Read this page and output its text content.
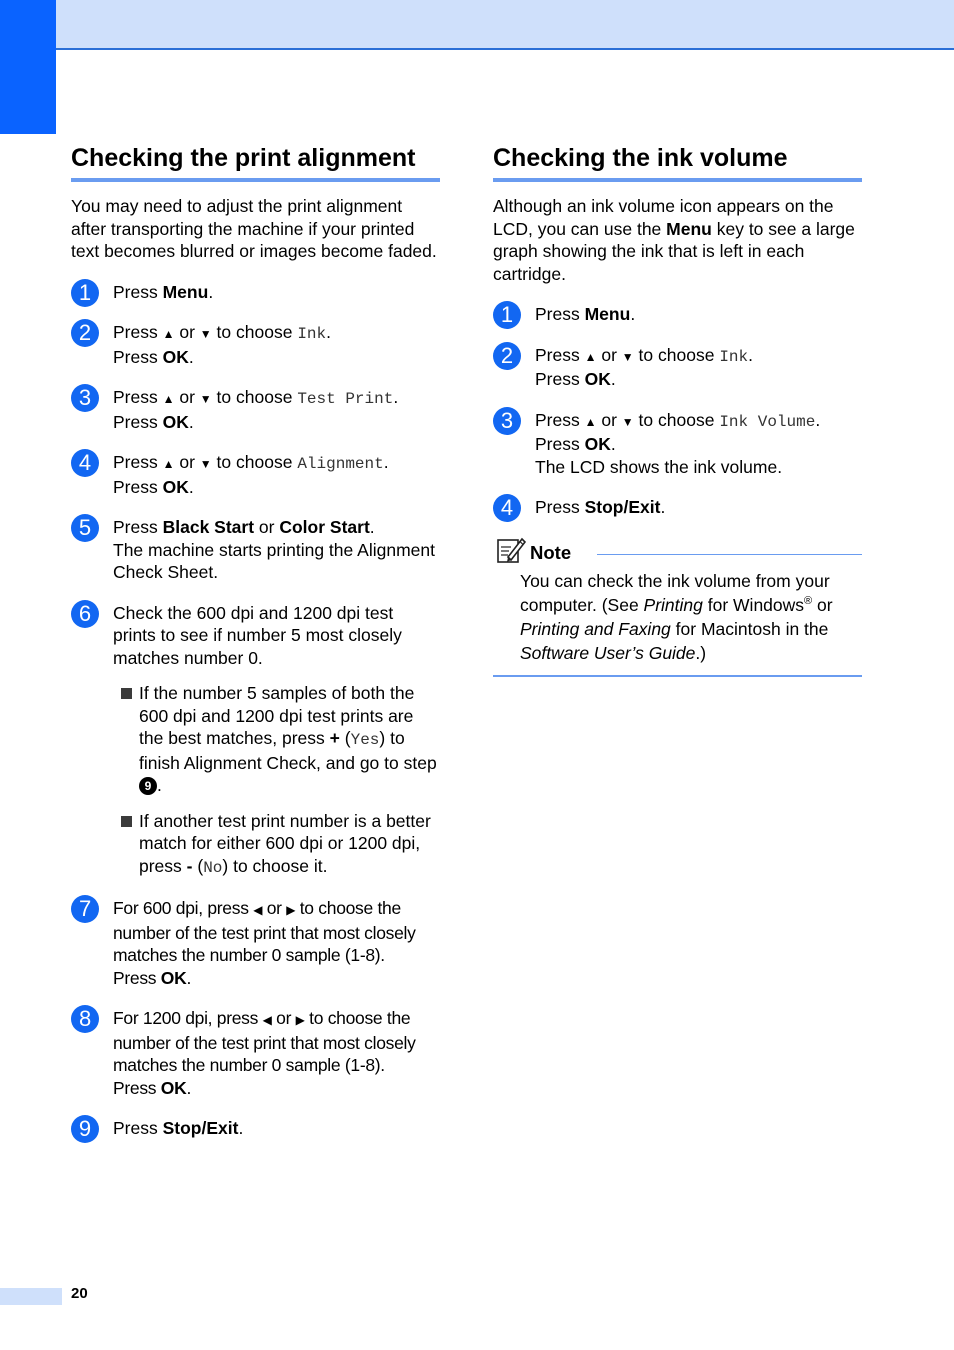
Checking the print alignment

You may need to adjust the print alignment after transporting the machine if your printed text becomes blurred or images become faded.

1	Press Menu.
2	Press ▲ or ▼ to choose Ink.
Press OK.
3	Press ▲ or ▼ to choose Test Print.
Press OK.
4	Press ▲ or ▼ to choose Alignment.
Press OK.
5	Press Black Start or Color Start.
The machine starts printing the Alignment Check Sheet.
6	Check the 600 dpi and 1200 dpi test prints to see if number 5 most closely matches number 0.
If the number 5 samples of both the 600 dpi and 1200 dpi test prints are the best matches, press + (Yes) to finish Alignment Check, and go to step 9 .
If another test print number is a better match for either 600 dpi or 1200 dpi, press - (No) to choose it.
7	For 600 dpi, press ◀ or ▶ to choose the number of the test print that most closely matches the number 0 sample (1-8).
Press OK.
8	For 1200 dpi, press ◀ or ▶ to choose the number of the test print that most closely matches the number 0 sample (1-8).
Press OK.
9	Press Stop/Exit.
Checking the ink volume

Although an ink volume icon appears on the LCD, you can use the Menu key to see a large graph showing the ink that is left in each cartridge.

1	Press Menu.
2	Press ▲ or ▼ to choose Ink.
Press OK.
3	Press ▲ or ▼ to choose Ink Volume.
Press OK.
The LCD shows the ink volume.
4	Press Stop/Exit.
Note
You can check the ink volume from your computer. (See Printing for Windows® or Printing and Faxing for Macintosh in the Software User’s Guide.)
20
